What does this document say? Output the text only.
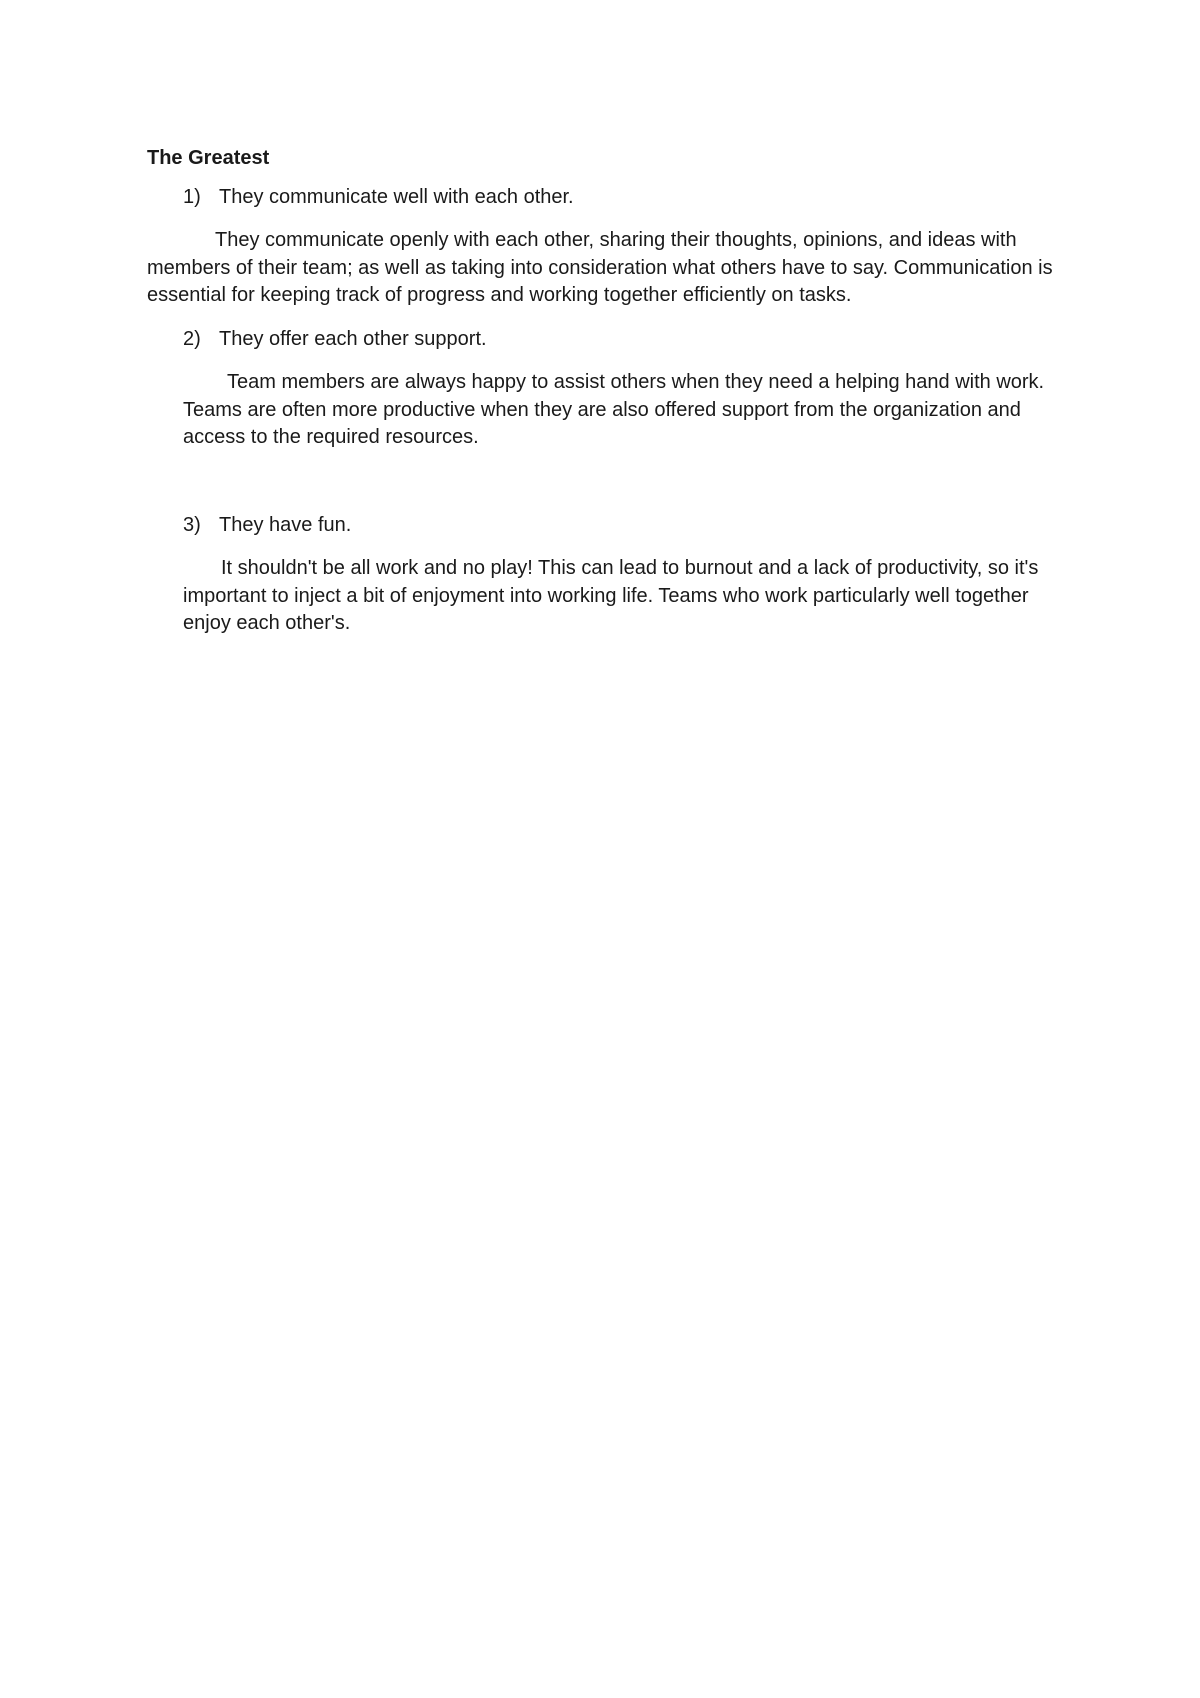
The Greatest
1) They communicate well with each other.

They communicate openly with each other, sharing their thoughts, opinions, and ideas with members of their team; as well as taking into consideration what others have to say. Communication is essential for keeping track of progress and working together efficiently on tasks.

2) They offer each other support.

Team members are always happy to assist others when they need a helping hand with work. Teams are often more productive when they are also offered support from the organization and access to the required resources.

3) They have fun.

It shouldn't be all work and no play! This can lead to burnout and a lack of productivity, so it's important to inject a bit of enjoyment into working life. Teams who work particularly well together enjoy each other's.
